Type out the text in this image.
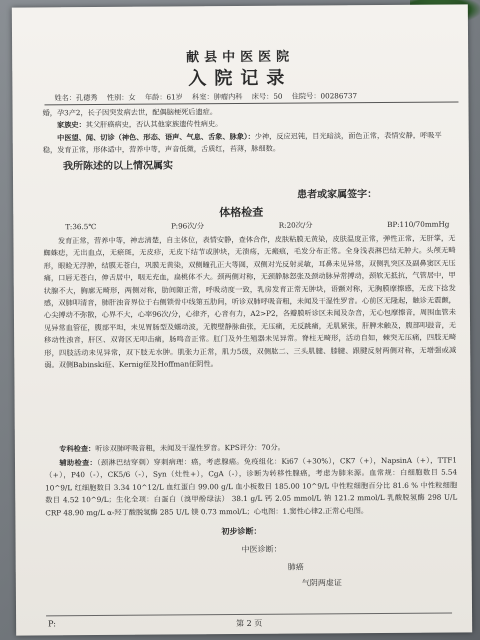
献县中医医院
入院记录
姓名：孔德秀 性别：女 年龄：61岁 科室：肿瘤内科 床号：50 住院号：00286737
婚，孕3产2，长子因突发病去世，配偶脑梗死后遗症。
家族史：其父肝癌病史，否认其他家族遗传性病史。
中医望、闻、切诊（神色、形态、语声、气息、舌象、脉象）：少神，反应迟钝，目光暗淡，面色正常，表情安静，呼吸平稳，发育正常，形体适中，营养中等，声音低微，舌质红，苔薄，脉细数。
我所陈述的以上情况属实
患者或家属签字：
体格检查
T:36.5℃	P:96次/分	R:20次/分	BP:110/70mmHg
发育正常，营养中等，神志清楚，自主体位，表情安静，查体合作，皮肤粘膜无黄染，皮肤温度正常，弹性正常，无肝掌，无蜘蛛痣，无出血点，无瘀斑，无皮疹，无皮下结节或肿块，无溃疡，无瘢痕，毛发分布正常。全身浅表淋巴结无肿大。头颅无畸形，眼睑无浮肿，结膜无苍白，巩膜无黄染，双侧瞳孔正大等圆，双侧对光反射灵敏，耳鼻未见异常，双侧乳突区及副鼻窦区无压痛，口唇无苍白，伸舌居中，咽无充血，扁桃体不大。颈两侧对称，无颈静脉怒张及颈动脉异常搏动，颈软无抵抗，气管居中，甲状腺不大，胸廓无畸形，两侧对称，肋间隙正常，呼吸动度一致，乳房发育正常无肿块，语颤对称，无胸膜摩擦感，无皮下捻发感，双肺叩清音，肺肝浊音界位于右侧锁骨中线第五肋间，听诊双肺呼吸音粗，未闻及干湿性罗音。心前区无隆起，触诊无震颤，心尖搏动不弥散，心界不大，心率96次/分，心律齐，心音有力，A2>P2，各瓣膜听诊区未闻及杂音，无心包摩擦音，周围血管未见异常血管征，腹部平坦，未见胃肠型及蠕动波，无腹壁静脉曲张，无压痛，无反跳痛，无肌紧张，肝脾未触及，腹部叩鼓音，无移动性浊音，肝区、双肾区无叩击痛，肠鸣音正常。肛门及外生殖器未见异常。脊柱无畸形，活动自如，棘突无压痛，四肢无畸形，四肢活动未见异常，双下肢无水肿。肌张力正常，肌力5级，双侧肱二、三头肌腱、膝腱、跟腱反射两侧对称，无增强或减弱。双侧Babinski征、Kernig征及Hoffman征阴性。
专科检查：听诊双肺呼吸音粗，未闻及干湿性罗音。KPS评分：70分。
辅助检查：（颈淋巴结穿刺）穿刺病理：癌，考虑腺癌。免疫组化：Ki67（+30%），CK7（+），NapsinA（+），TTF1（+），P40（-），CK5/6（-），Syn（灶性+），CgA（-），诊断为转移性腺癌，考虑为肺来源。血常规：白细胞数目 5.54 10^9/L 红细胞数目 3.34 10^12/L 血红蛋白 99.00 g/L 血小板数目 185.00 10^9/L 中性粒细胞百分比 81.6 % 中性粒细胞数目 4.52 10^9/L；生化全项：白蛋白（溴甲酚绿法） 38.1 g/L 钙 2.05 mmol/L 钠 121.2 mmol/L 乳酸脱氢酶 298 U/L CRP 48.90 mg/L α-羟丁酸脱氢酶 285 U/L 镁 0.73 mmol/L；心电图：1.窦性心律2.正常心电图。
初步诊断：
中医诊断：
肺癌
气阴两虚证
P:	第 2 页
